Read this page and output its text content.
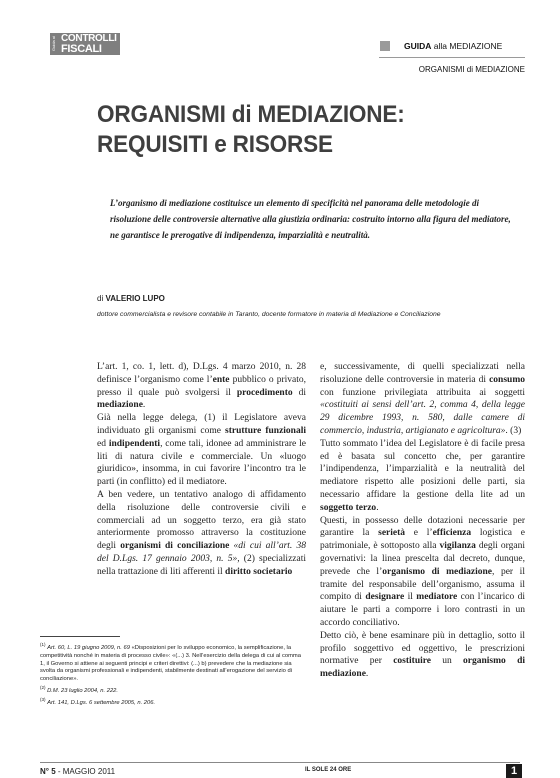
Guida ai CONTROLLI
FISCALI	GUIDA alla MEDIAZIONE
ORGANISMI di MEDIAZIONE
ORGANISMI di MEDIAZIONE:
REQUISITI e RISORSE
L’organismo di mediazione costituisce un elemento di specificità nel panorama delle metodologie di risoluzione delle controversie alternative alla giustizia ordinaria: costruito intorno alla figura del mediatore, ne garantisce le prerogative di indipendenza, imparzialità e neutralità.
di VALERIO LUPO
dottore commercialista e revisore contabile in Taranto, docente formatore in materia di Mediazione e Conciliazione

L’art. 1, co. 1, lett. d), D.Lgs. 4 marzo 2010, n. 28 definisce l’organismo come l’ente pubblico o privato, presso il quale può svolgersi il procedimento di mediazione.

Già nella legge delega, (1) il Legislatore aveva individuato gli organismi come strutture funzionali ed indipendenti, come tali, idonee ad amministrare le liti di natura civile e commerciale. Un «luogo giuridico», insomma, in cui favorire l’incontro tra le parti (in conflitto) ed il mediatore.

A ben vedere, un tentativo analogo di affidamento della risoluzione delle controversie civili e commerciali ad un soggetto terzo, era già stato anteriormente promosso attraverso la costituzione degli organismi di conciliazione «di cui all’art. 38 del D.Lgs. 17 gennaio 2003, n. 5», (2) specializzati nella trattazione di liti afferenti il diritto societario

e, successivamente, di quelli specializzati nella risoluzione delle controversie in materia di consumo con funzione privilegiata attribuita ai soggetti «costituiti ai sensi dell’art. 2, comma 4, della legge 29 dicembre 1993, n. 580, dalle camere di commercio, industria, artigianato e agricoltura». (3)

Tutto sommato l’idea del Legislatore è di facile presa ed è basata sul concetto che, per garantire l’indipendenza, l’imparzialità e la neutralità del mediatore rispetto alle posizioni delle parti, sia necessario affidare la gestione della lite ad un soggetto terzo.

Questi, in possesso delle dotazioni necessarie per garantire la serietà e l’efficienza logistica e patrimoniale, è sottoposto alla vigilanza degli organi governativi: la linea prescelta dal decreto, dunque, prevede che l’organismo di mediazione, per il tramite del responsabile dell’organismo, assuma il compito di designare il mediatore con l’incarico di aiutare le parti a comporre i loro contrasti in un accordo conciliativo.

Detto ciò, è bene esaminare più in dettaglio, sotto il profilo soggettivo ed oggettivo, le prescrizioni normative per costituire un organismo di mediazione.

$^{(1)}$ Art. 60, L. 19 giugno 2009, n. 69 «Disposizioni per lo sviluppo economico, la semplificazione, la competitività nonché in materia di processo civile»: «(...) 3. Nell’esercizio della delega di cui al comma 1, il Governo si attiene ai seguenti principi e criteri direttivi: (...) b) prevedere che la mediazione sia svolta da organismi professionali e indipendenti, stabilmente destinati all’erogazione del servizio di conciliazione».

$^{(2)}$ D.M. 23 luglio 2004, n. 222.

$^{(3)}$ Art. 141, D.Lgs. 6 settembre 2005, n. 206.

N° 5 - MAGGIO 2011	IL SOLE 24 ORE	1
